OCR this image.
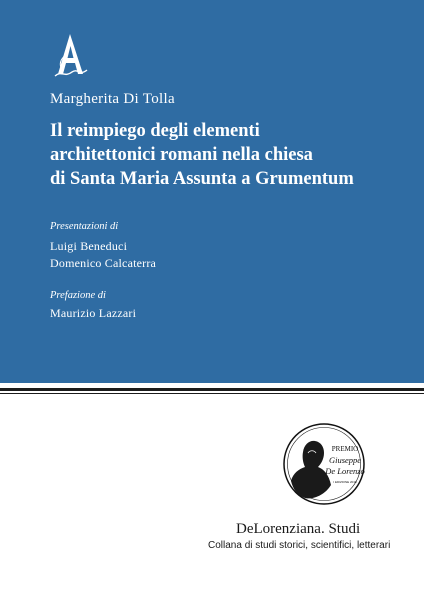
Margherita Di Tolla
Il reimpiego degli elementi
architettonici romani nella chiesa
di Santa Maria Assunta a Grumentum
Presentazioni di
Luigi Beneduci
Domenico Calcaterra
Prefazione di
Maurizio Lazzari
PREMIO
Giuseppe
De Lorenzo
I EDIZIONE 2018
DeLorenziana. Studi
Collana di studi storici, scientifici, letterari
